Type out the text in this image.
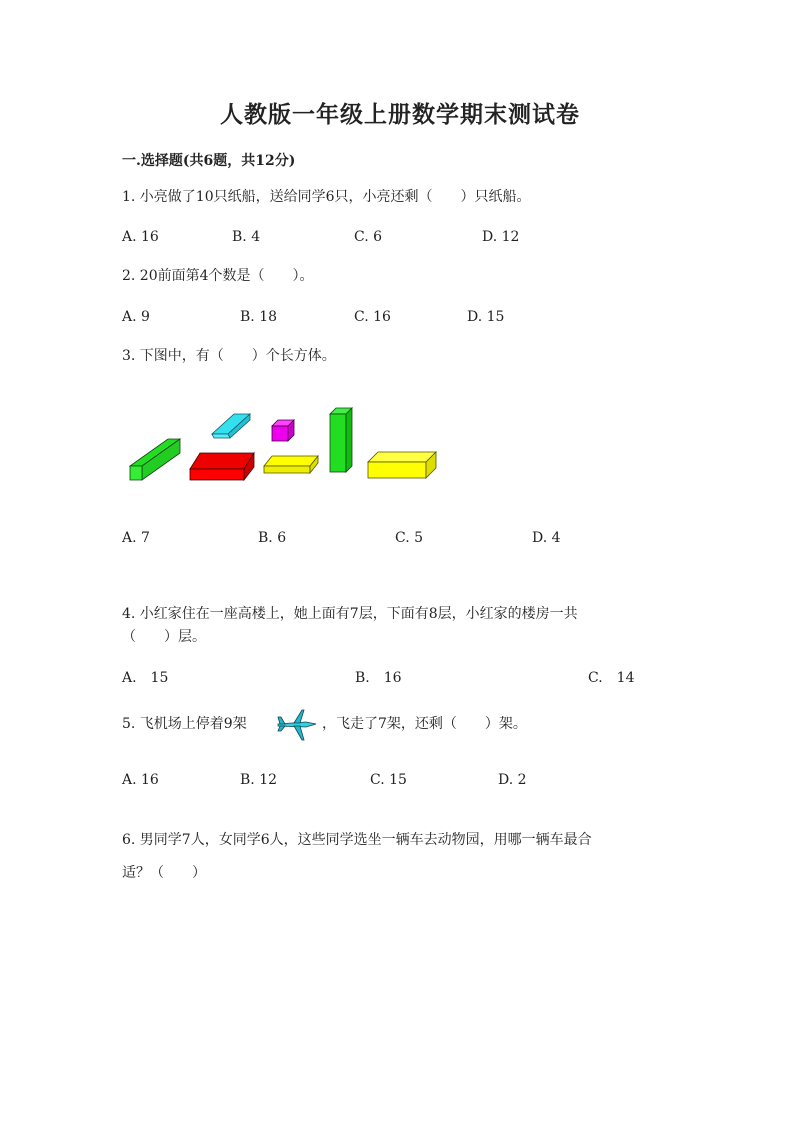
人教版一年级上册数学期末测试卷
一.选择题(共6题，共12分)
1. 小亮做了10只纸船，送给同学6只，小亮还剩（　　）只纸船。
A. 16	B. 4	C. 6	D. 12
2. 20前面第4个数是（　　）。
A. 9	B. 18	C. 16	D. 15
3. 下图中，有（　　）个长方体。
A. 7	B. 6	C. 5	D. 4
4. 小红家住在一座高楼上，她上面有7层，下面有8层，小红家的楼房一共
（　　）层。
A.　15	B.　16	C.　14
5. 飞机场上停着9架	，飞走了7架，还剩（　　）架。
A. 16	B. 12	C. 15	D. 2
6. 男同学7人，女同学6人，这些同学选坐一辆车去动物园，用哪一辆车最合
适？（　　）
